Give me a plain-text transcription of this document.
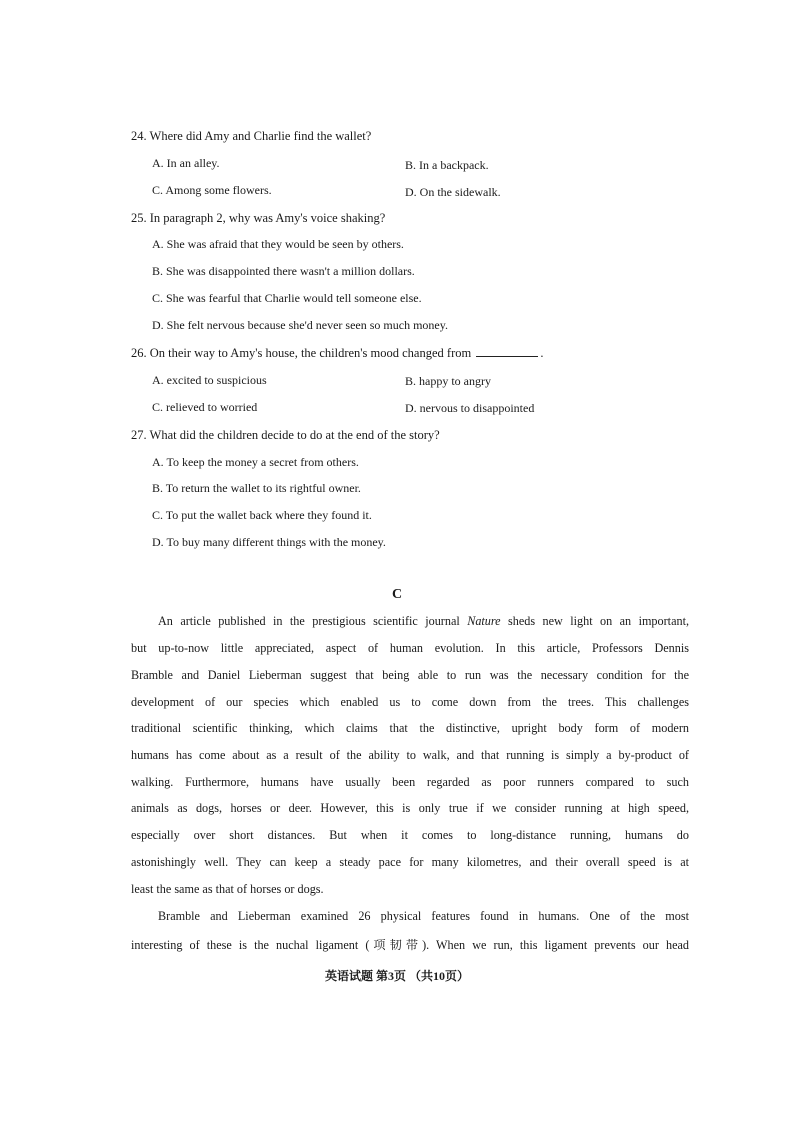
24. Where did Amy and Charlie find the wallet?
A. In an alley.	B. In a backpack.
C. Among some flowers.	D. On the sidewalk.
25. In paragraph 2, why was Amy's voice shaking?
A. She was afraid that they would be seen by others.
B. She was disappointed there wasn't a million dollars.
C. She was fearful that Charlie would tell someone else.
D. She felt nervous because she'd never seen so much money.
26. On their way to Amy's house, the children's mood changed from	.
A. excited to suspicious	B. happy to angry
C. relieved to worried	D. nervous to disappointed
27. What did the children decide to do at the end of the story?
A. To keep the money a secret from others.
B. To return the wallet to its rightful owner.
C. To put the wallet back where they found it.
D. To buy many different things with the money.
C
An article published in the prestigious scientific journal Nature sheds new light on an important,
but up-to-now little appreciated, aspect of human evolution. In this article, Professors Dennis
Bramble and Daniel Lieberman suggest that being able to run was the necessary condition for the
development of our species which enabled us to come down from the trees. This challenges
traditional scientific thinking, which claims that the distinctive, upright body form of modern
humans has come about as a result of the ability to walk, and that running is simply a by-product of
walking. Furthermore, humans have usually been regarded as poor runners compared to such
animals as dogs, horses or deer. However, this is only true if we consider running at high speed,
especially over short distances. But when it comes to long-distance running, humans do
astonishingly well. They can keep a steady pace for many kilometres, and their overall speed is at
least the same as that of horses or dogs.
Bramble and Lieberman examined 26 physical features found in humans. One of the most
interesting of these is the nuchal ligament (项韧带). When we run, this ligament prevents our head
英语试题 第3页 （共10页）
